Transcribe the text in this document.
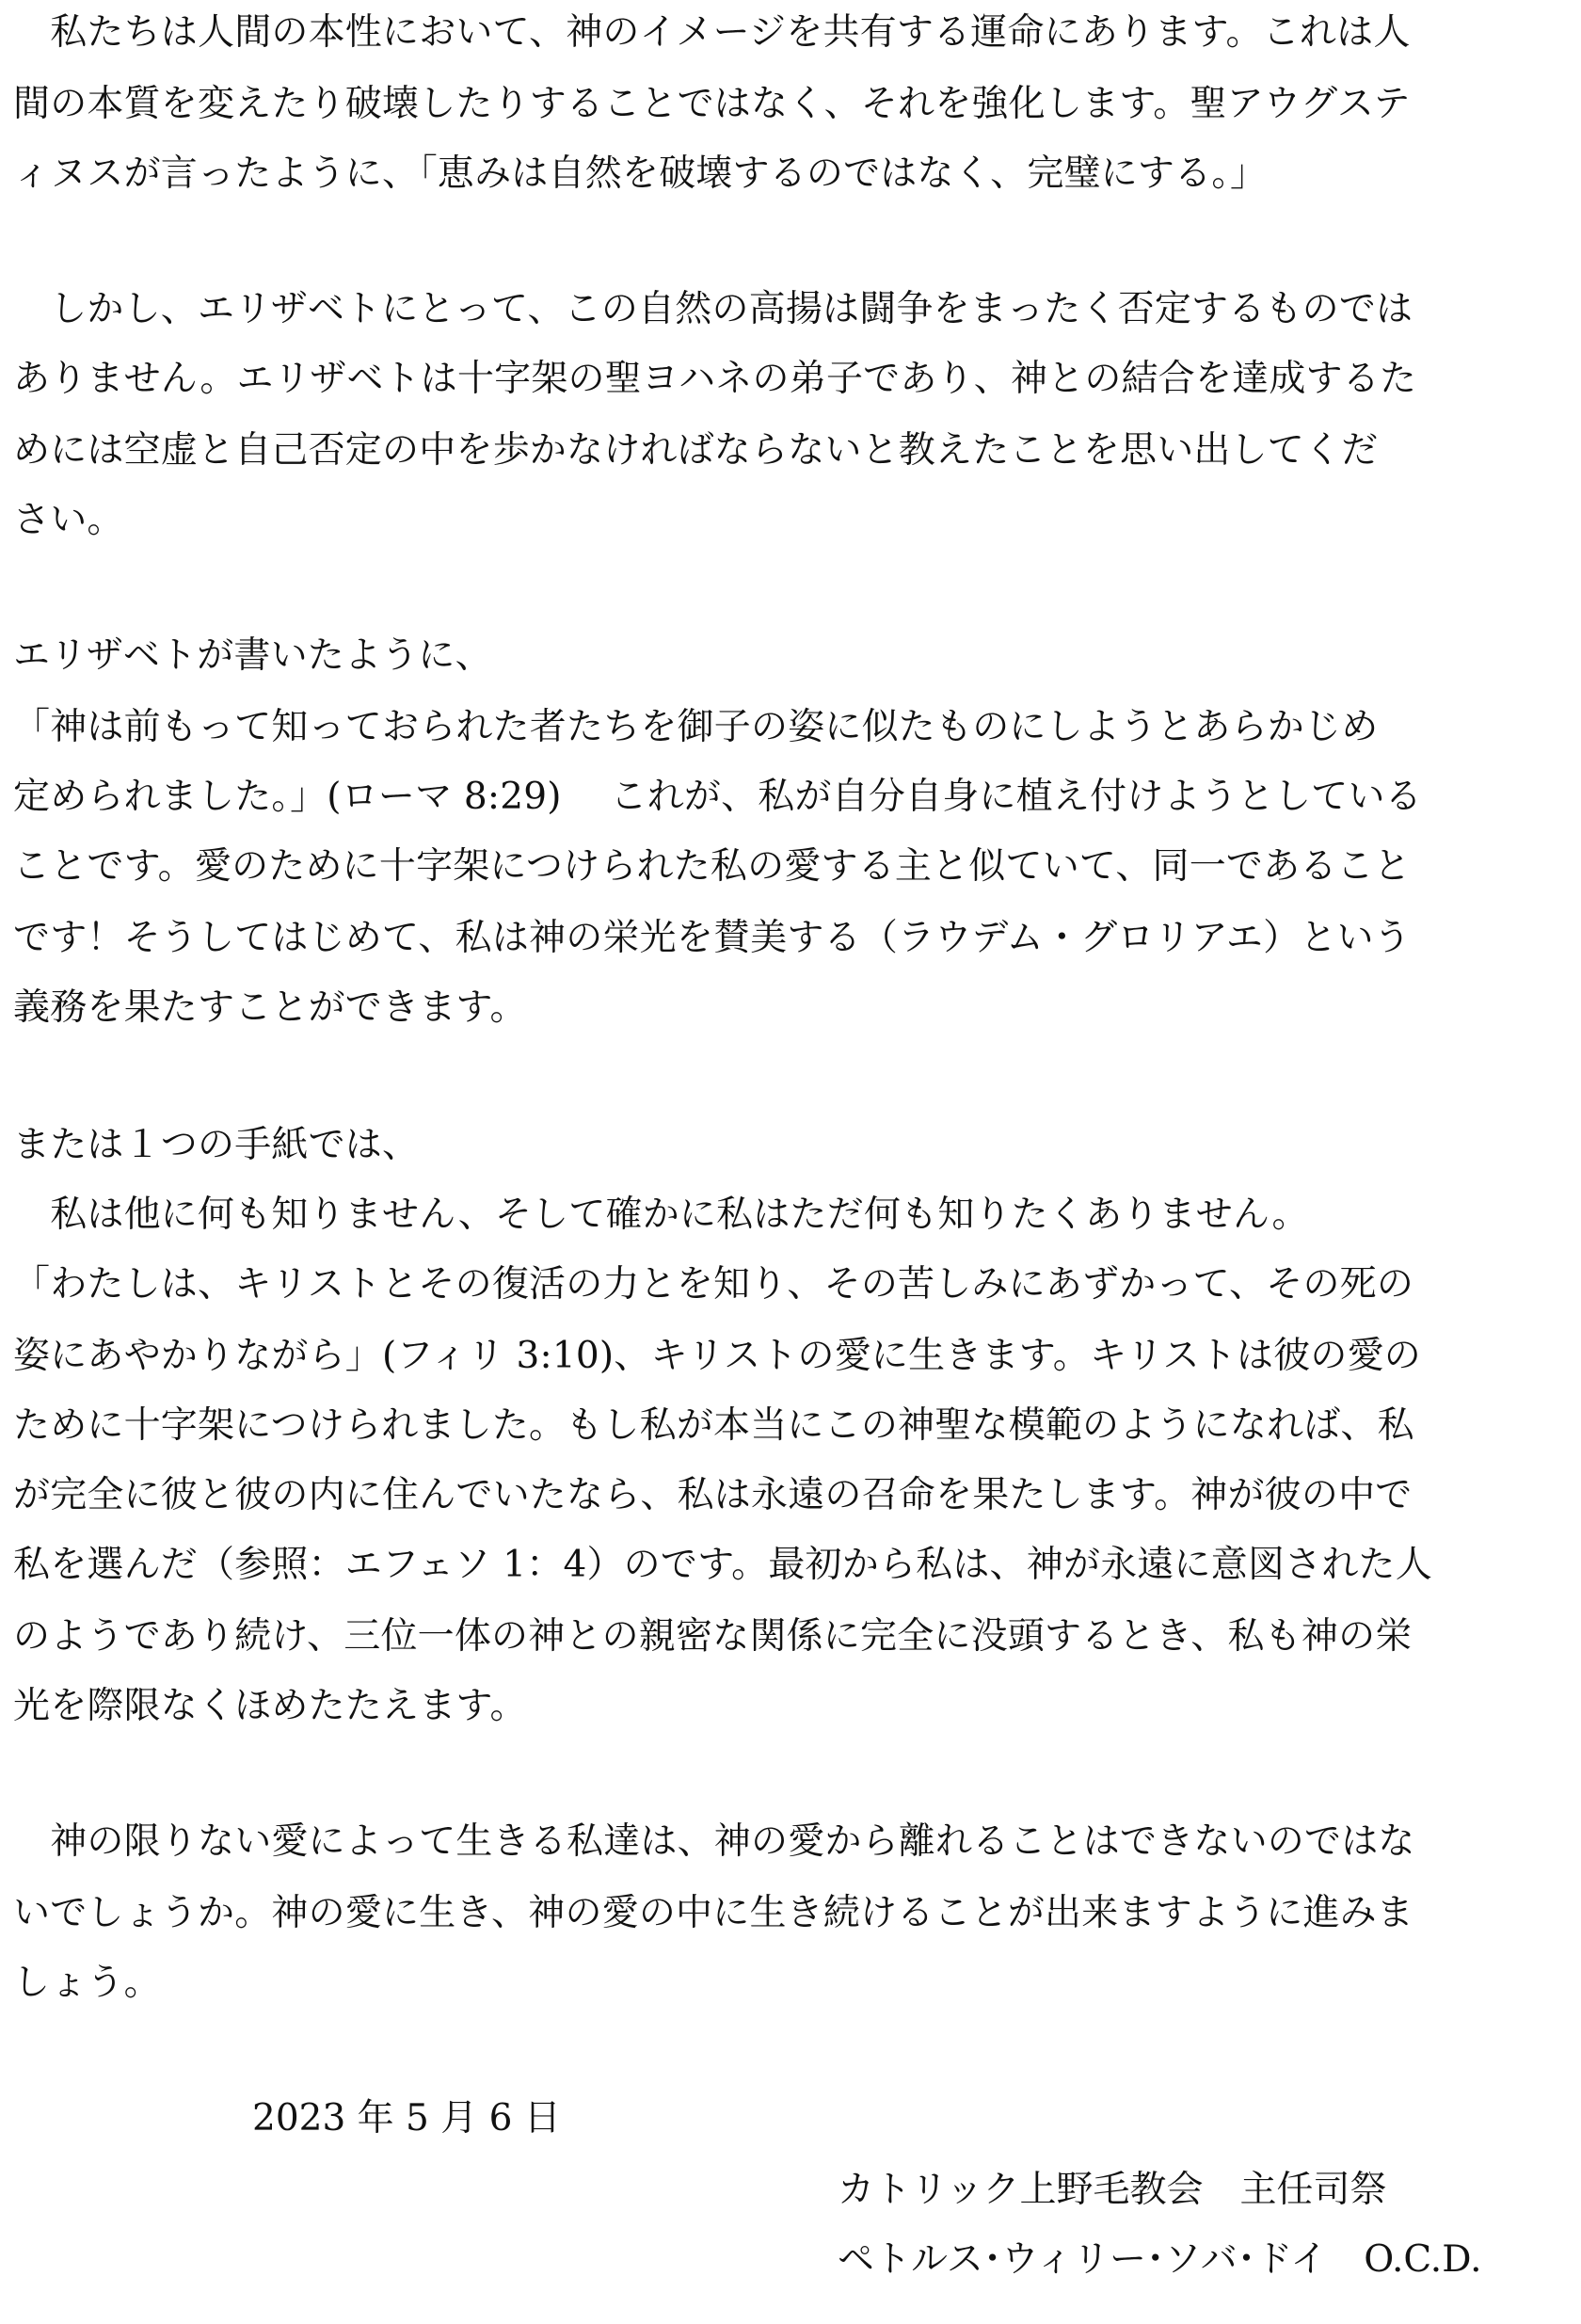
　私たちは人間の本性において、神のイメージを共有する運命にあります。これは人
間の本質を変えたり破壊したりすることではなく、それを強化します。聖アウグステ
ィヌスが言ったように、「恵みは自然を破壊するのではなく、完璧にする。」
　しかし、エリザベトにとって、この自然の高揚は闘争をまったく否定するものでは
ありません。エリザベトは十字架の聖ヨハネの弟子であり、神との結合を達成するた
めには空虚と自己否定の中を歩かなければならないと教えたことを思い出してくだ
さい。
エリザベトが書いたように、
「神は前もって知っておられた者たちを御子の姿に似たものにしようとあらかじめ
定められました。」(ローマ 8:29)　 これが、私が自分自身に植え付けようとしている
ことです。愛のために十字架につけられた私の愛する主と似ていて、同一であること
です！そうしてはじめて、私は神の栄光を賛美する（ラウデム・グロリアエ）という
義務を果たすことができます。
または１つの手紙では、
　私は他に何も知りません、そして確かに私はただ何も知りたくありません。
「わたしは、キリストとその復活の力とを知り、その苦しみにあずかって、その死の
姿にあやかりながら」(フィリ 3:10)、キリストの愛に生きます。キリストは彼の愛の
ために十字架につけられました。もし私が本当にこの神聖な模範のようになれば、私
が完全に彼と彼の内に住んでいたなら、私は永遠の召命を果たします。神が彼の中で
私を選んだ（参照：エフェソ 1：4）のです。最初から私は、神が永遠に意図された人
のようであり続け、三位一体の神との親密な関係に完全に没頭するとき、私も神の栄
光を際限なくほめたたえます。
　神の限りない愛によって生きる私達は、神の愛から離れることはできないのではな
いでしょうか。神の愛に生き、神の愛の中に生き続けることが出来ますように進みま
しょう。
2023 年 5 月 6 日
カトリック上野毛教会　主任司祭
ペトルス･ウィリー･ソバ･ドイ　O.C.D.
